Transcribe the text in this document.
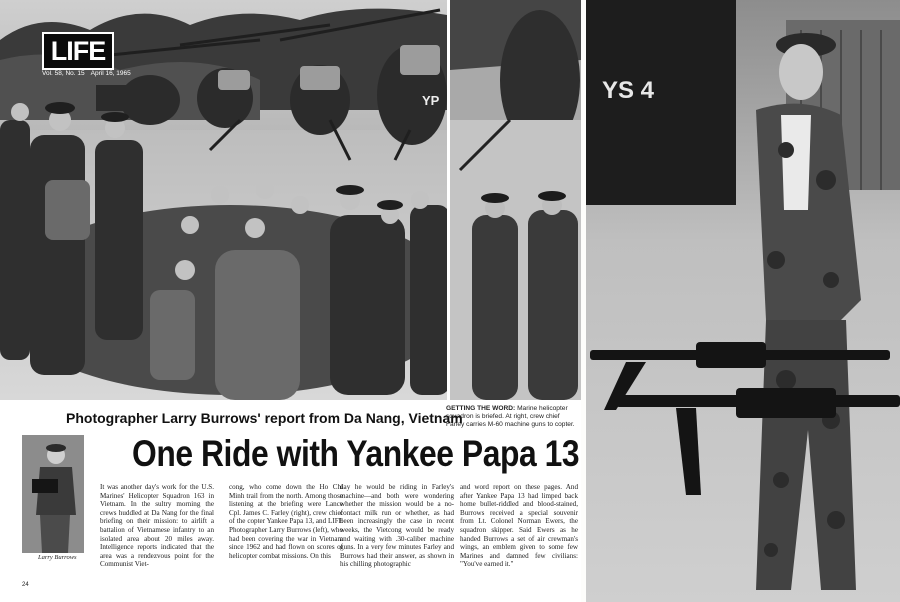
YP
LIFE
Vol. 58, No. 15 April 16, 1965
YS 4
Photographer Larry Burrows' report from Da Nang, Vietnam
GETTING THE WORD: Marine helicopter squadron is briefed. At right, crew chief Farley carries M-60 machine guns to copter.
One Ride with Yankee Papa 13
Larry Burrows
It was another day's work for the U.S. Marines' Helicopter Squadron 163 in Vietnam. In the sultry morning the crews huddled at Da Nang for the final briefing on their mission: to airlift a battalion of Vietnamese infantry to an isolated area about 20 miles away. Intelligence reports indicated that the area was a rendezvous point for the Communist Viet-
cong, who come down the Ho Chi Minh trail from the north. Among those listening at the briefing were Lance Cpl. James C. Farley (right), crew chief of the copter Yankee Papa 13, and LIFE Photographer Larry Burrows (left), who had been covering the war in Vietnam since 1962 and had flown on scores of helicopter combat missions. On this
day he would be riding in Farley's machine—and both were wondering whether the mission would be a no-contact milk run or whether, as had been increasingly the case in recent weeks, the Vietcong would be ready and waiting with .30-caliber machine guns. In a very few minutes Farley and Burrows had their answer, as shown in his chilling photographic
and word report on these pages. And after Yankee Papa 13 had limped back home bullet-riddled and blood-stained, Burrows received a special souvenir from Lt. Colonel Norman Ewers, the squadron skipper. Said Ewers as he handed Burrows a set of air crewman's wings, an emblem given to some few Marines and damned few civilians: "You've earned it."
24
